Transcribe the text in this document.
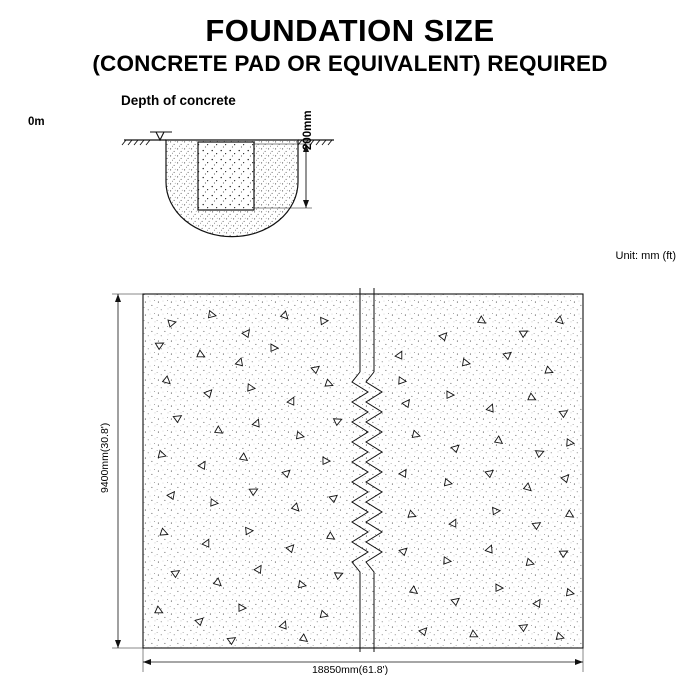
FOUNDATION SIZE
(CONCRETE PAD OR EQUIVALENT) REQUIRED
Depth of concrete
0m	200mm
Unit: mm (ft)
9400mm(30.8')
18850mm(61.8')
